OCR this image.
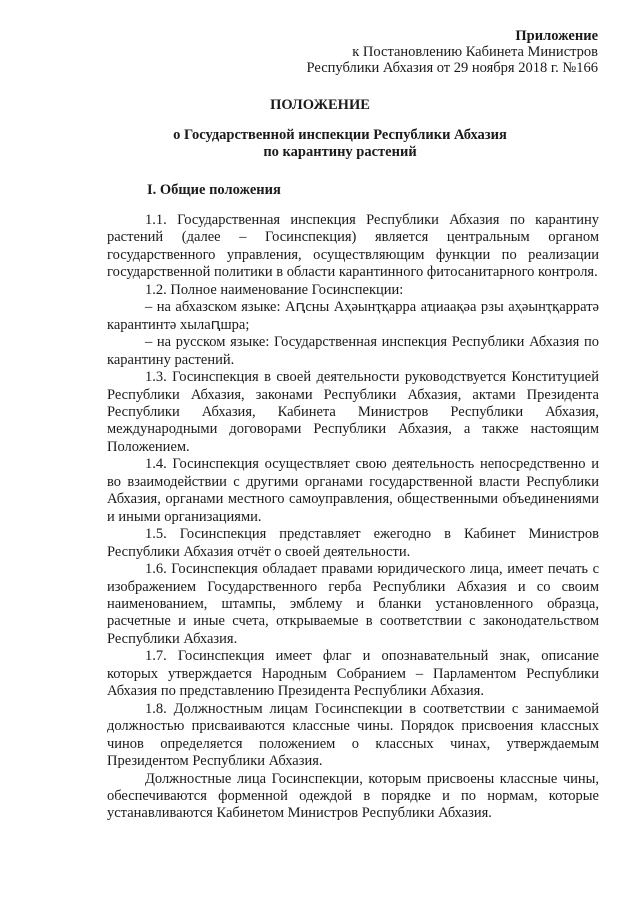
Приложение
к Постановлению Кабинета Министров
Республики Абхазия от 29 ноября 2018 г. №166
ПОЛОЖЕНИЕ
о Государственной инспекции Республики Абхазия
по карантину растений
I. Общие положения

1.1. Государственная инспекция Республики Абхазия по карантину растений (далее – Госинспекция) является центральным органом государственного управления, осуществляющим функции по реализации государственной политики в области карантинного фитосанитарного контроля.

1.2. Полное наименование Госинспекции:

– на абхазском языке: Аԥсны Аҳәынҭқарра аҵиаақәа рзы аҳәынҭқарратә карантинтә хылаԥшра;

– на русском языке: Государственная инспекция Республики Абхазия по карантину растений.

1.3. Госинспекция в своей деятельности руководствуется Конституцией Республики Абхазия, законами Республики Абхазия, актами Президента Республики Абхазия, Кабинета Министров Республики Абхазия, международными договорами Республики Абхазия, а также настоящим Положением.

1.4. Госинспекция осуществляет свою деятельность непосредственно и во взаимодействии с другими органами государственной власти Республики Абхазия, органами местного самоуправления, общественными объединениями и иными организациями.

1.5. Госинспекция представляет ежегодно в Кабинет Министров Республики Абхазия отчёт о своей деятельности.

1.6. Госинспекция обладает правами юридического лица, имеет печать с изображением Государственного герба Республики Абхазия и со своим наименованием, штампы, эмблему и бланки установленного образца, расчетные и иные счета, открываемые в соответствии с законодательством Республики Абхазия.

1.7. Госинспекция имеет флаг и опознавательный знак, описание которых утверждается Народным Собранием – Парламентом Республики Абхазия по представлению Президента Республики Абхазия.

1.8. Должностным лицам Госинспекции в соответствии с занимаемой должностью присваиваются классные чины. Порядок присвоения классных чинов определяется положением о классных чинах, утверждаемым Президентом Республики Абхазия.

Должностные лица Госинспекции, которым присвоены классные чины, обеспечиваются форменной одеждой в порядке и по нормам, которые устанавливаются Кабинетом Министров Республики Абхазия.
